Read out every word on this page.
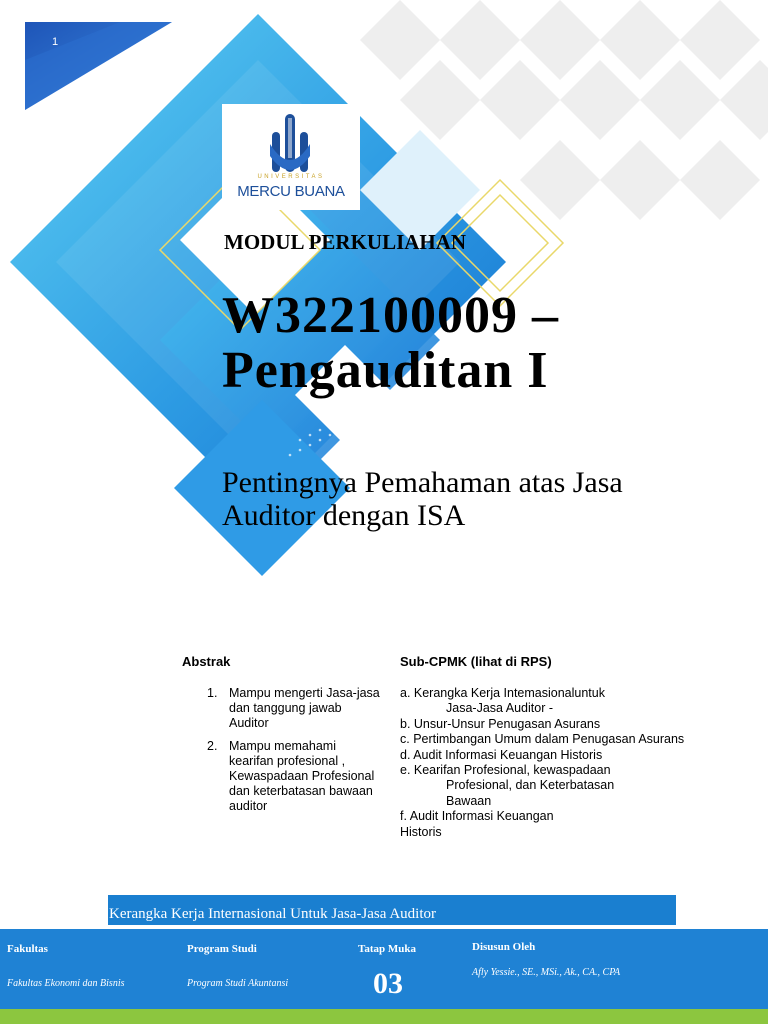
1
UNIVERSITAS
MERCU BUANA
MODUL PERKULIAHAN
W322100009 –
Pengauditan I
Pentingnya Pemahaman atas Jasa
Auditor dengan ISA
Abstrak	Sub-CPMK (lihat di RPS)
1. Mampu mengerti Jasa-jasa dan tanggung jawab Auditor
2. Mampu memahami kearifan profesional , Kewaspadaan Profesional dan keterbatasan bawaan auditor
a. Kerangka Kerja Intemasionaluntuk
Jasa-Jasa Auditor -
b. Unsur-Unsur Penugasan Asurans
c. Pertimbangan Umum dalam Penugasan Asurans
d. Audit Informasi Keuangan Historis
e. Kearifan Profesional, kewaspadaan
Profesional, dan Keterbatasan Bawaan
f. Audit Informasi Keuangan Historis
Kerangka Kerja Internasional Untuk Jasa-Jasa Auditor
Fakultas
Fakultas Ekonomi dan Bisnis
Program Studi
Program Studi Akuntansi
Tatap Muka
03
Disusun Oleh
Afly Yessie., SE., MSi., Ak., CA., CPA
